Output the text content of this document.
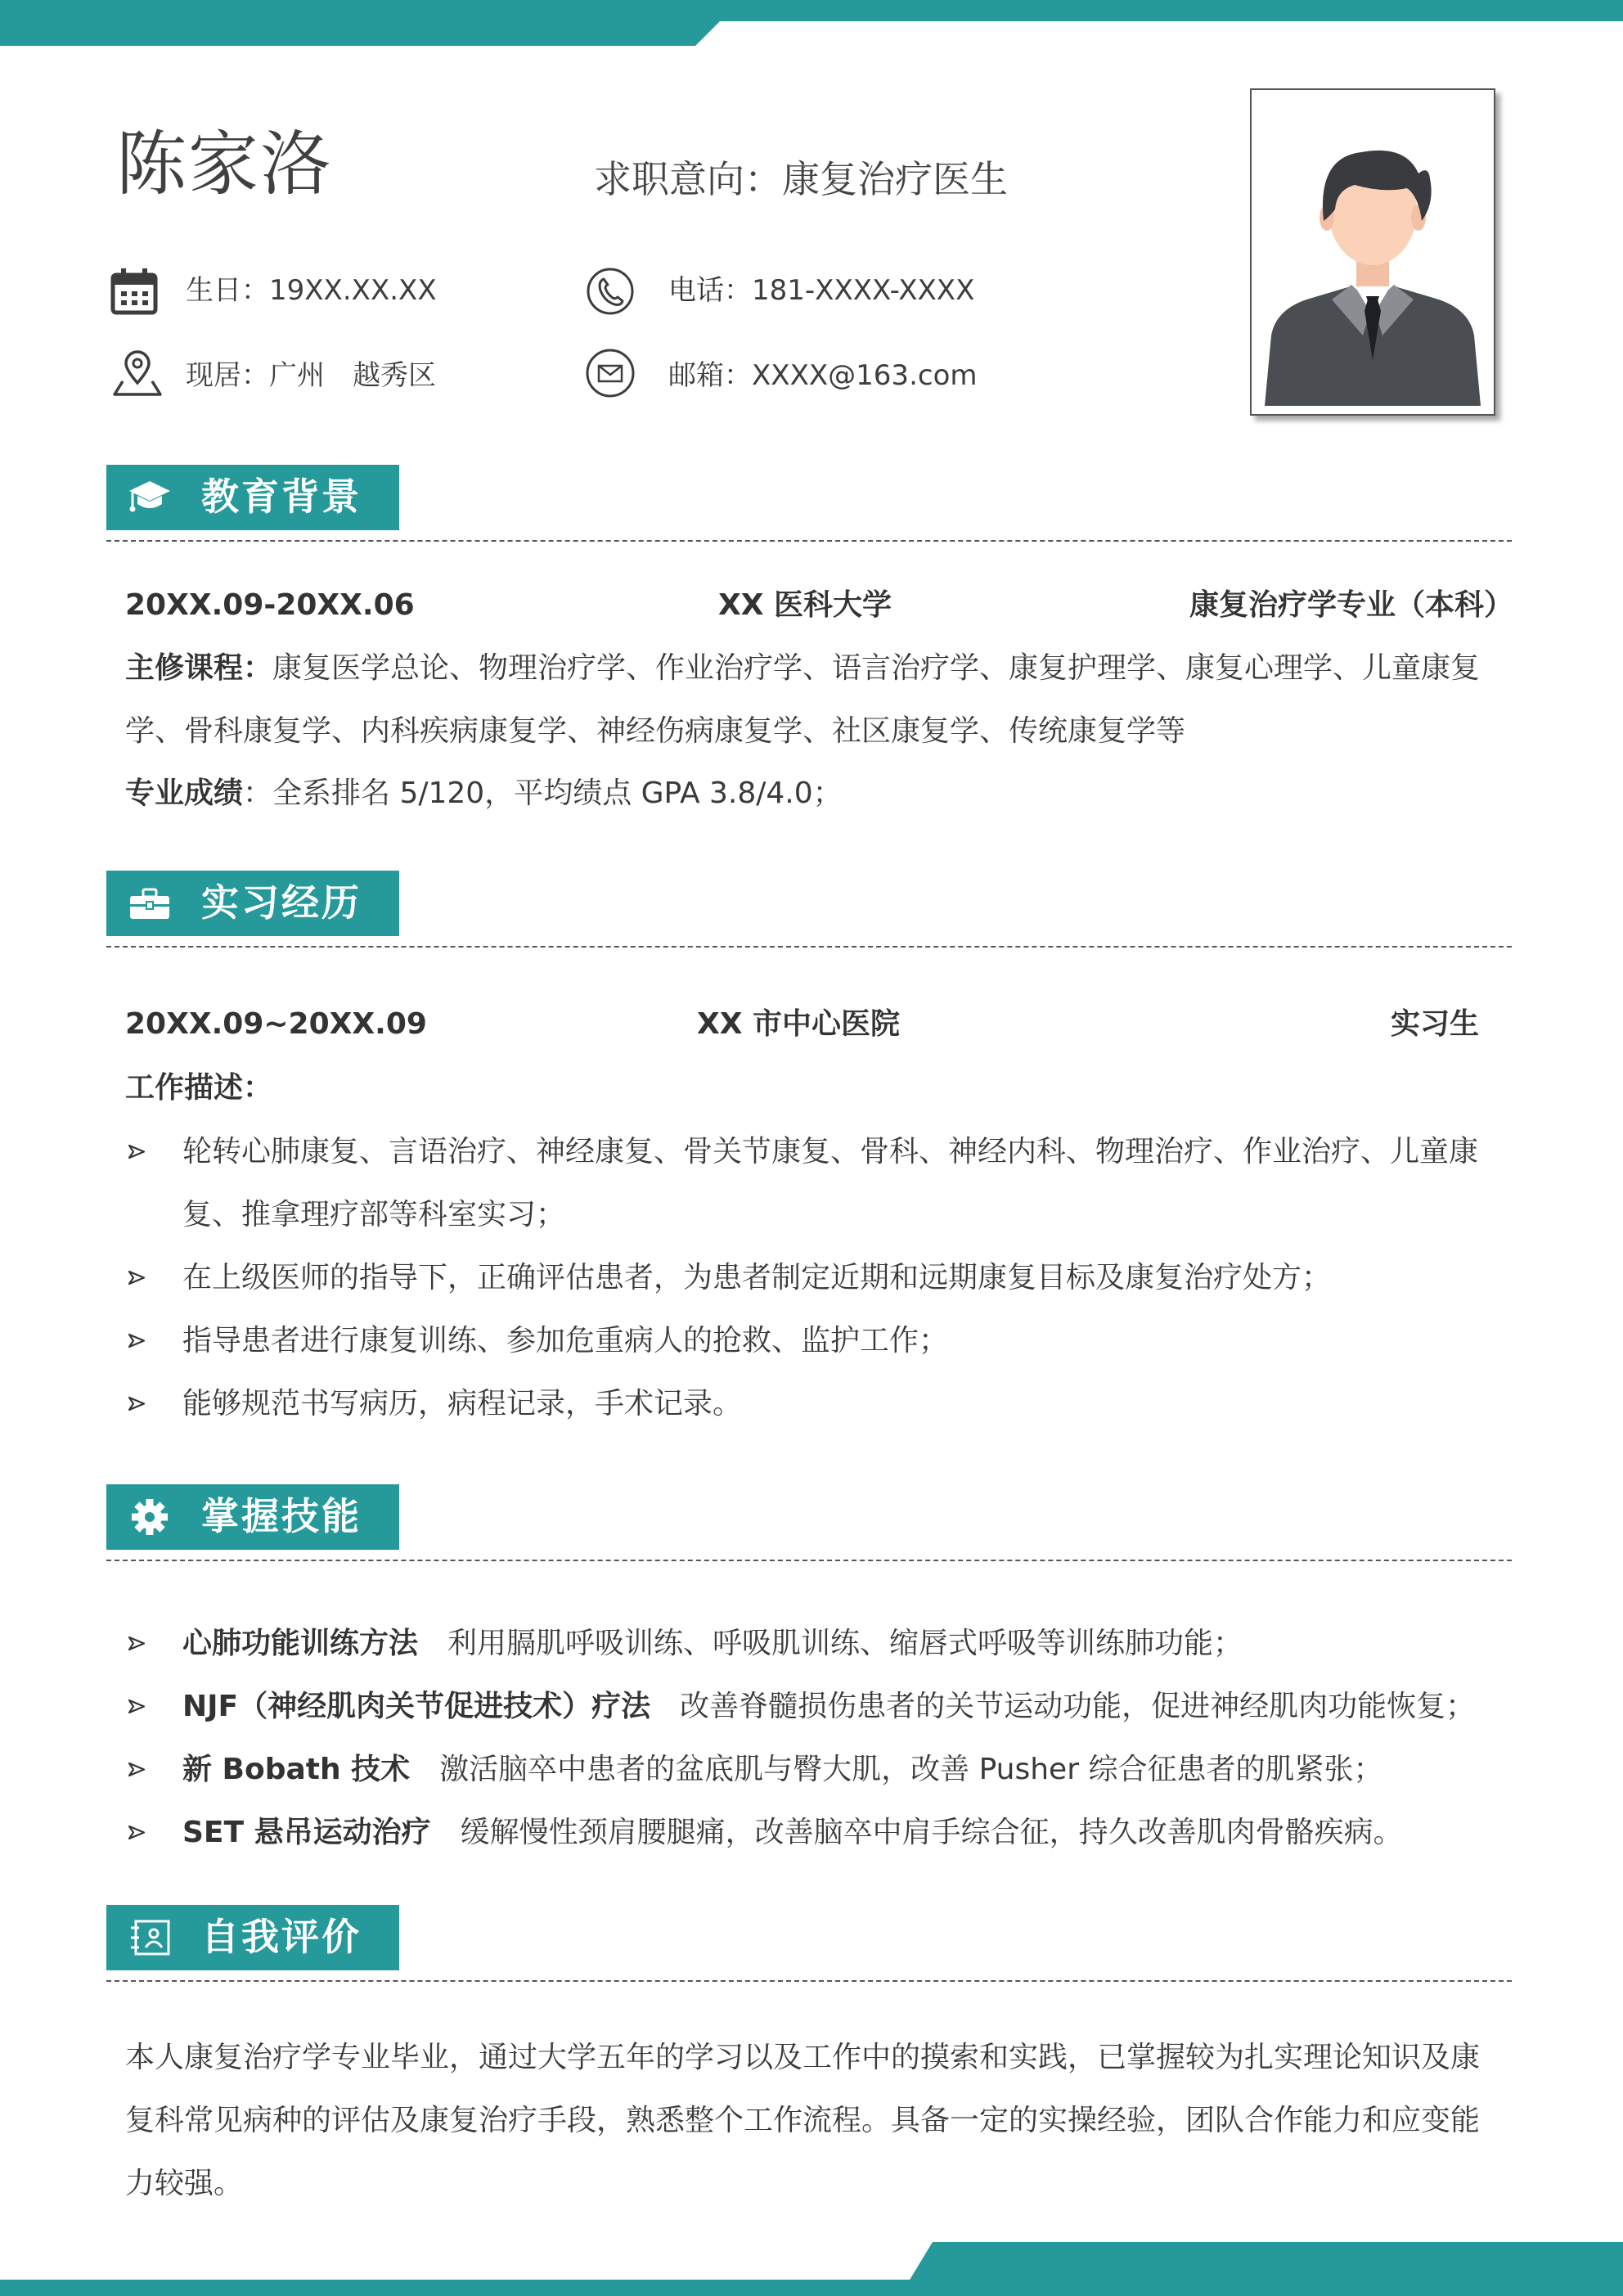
陈家洛	求职意向：康复治疗医生
生日：19XX.XX.XX	电话：181-XXXX-XXXX
现居：广州　越秀区	邮箱：XXXX@163.com
教育背景
20XX.09-20XX.06	XX 医科大学	康复治疗学专业（本科）
主修课程：康复医学总论、物理治疗学、作业治疗学、语言治疗学、康复护理学、康复心理学、儿童康复学、骨科康复学、内科疾病康复学、神经伤病康复学、社区康复学、传统康复学等
专业成绩：全系排名 5/120，平均绩点 GPA 3.8/4.0；
实习经历
20XX.09~20XX.09	XX 市中心医院	实习生
工作描述：
轮转心肺康复、言语治疗、神经康复、骨关节康复、骨科、神经内科、物理治疗、作业治疗、儿童康复、推拿理疗部等科室实习；
在上级医师的指导下，正确评估患者，为患者制定近期和远期康复目标及康复治疗处方；
指导患者进行康复训练、参加危重病人的抢救、监护工作；
能够规范书写病历，病程记录，手术记录。
掌握技能
心肺功能训练方法 利用膈肌呼吸训练、呼吸肌训练、缩唇式呼吸等训练肺功能；
NJF（神经肌肉关节促进技术）疗法 改善脊髓损伤患者的关节运动功能，促进神经肌肉功能恢复；
新 Bobath 技术 激活脑卒中患者的盆底肌与臀大肌，改善 Pusher 综合征患者的肌紧张；
SET 悬吊运动治疗 缓解慢性颈肩腰腿痛，改善脑卒中肩手综合征，持久改善肌肉骨骼疾病。
自我评价
本人康复治疗学专业毕业，通过大学五年的学习以及工作中的摸索和实践，已掌握较为扎实理论知识及康复科常见病种的评估及康复治疗手段，熟悉整个工作流程。具备一定的实操经验，团队合作能力和应变能力较强。
